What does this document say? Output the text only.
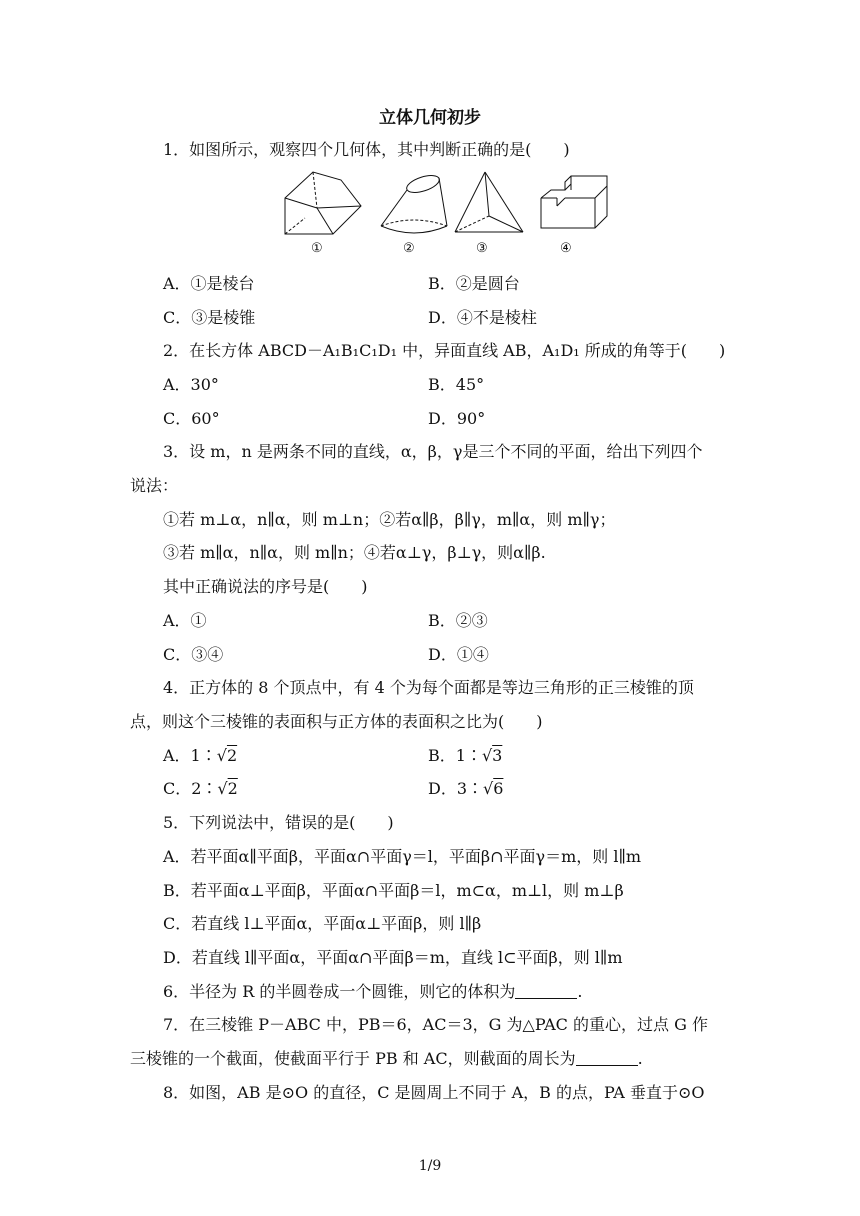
立体几何初步
1．如图所示，观察四个几何体，其中判断正确的是(　　)
①	②	③	④
A．①是棱台	B．②是圆台
C．③是棱锥	D．④不是棱柱
2．在长方体 ABCD－A₁B₁C₁D₁ 中，异面直线 AB，A₁D₁ 所成的角等于(　　)
A．30°	B．45°
C．60°	D．90°
3．设 m，n 是两条不同的直线，α，β，γ是三个不同的平面，给出下列四个
说法：
①若 m⊥α，n∥α，则 m⊥n；②若α∥β，β∥γ，m∥α，则 m∥γ；
③若 m∥α，n∥α，则 m∥n；④若α⊥γ，β⊥γ，则α∥β.
其中正确说法的序号是(　　)
A．①	B．②③
C．③④	D．①④
4．正方体的 8 个顶点中，有 4 个为每个面都是等边三角形的正三棱锥的顶
点，则这个三棱锥的表面积与正方体的表面积之比为(　　)
A．1∶√2	B．1∶√3
C．2∶√2	D．3∶√6
5．下列说法中，错误的是(　　)
A．若平面α∥平面β，平面α∩平面γ＝l，平面β∩平面γ＝m，则 l∥m
B．若平面α⊥平面β，平面α∩平面β＝l，m⊂α，m⊥l，则 m⊥β
C．若直线 l⊥平面α，平面α⊥平面β，则 l∥β
D．若直线 l∥平面α，平面α∩平面β＝m，直线 l⊂平面β，则 l∥m
6．半径为 R 的半圆卷成一个圆锥，则它的体积为	.
7．在三棱锥 P－ABC 中，PB＝6，AC＝3，G 为△PAC 的重心，过点 G 作
三棱锥的一个截面，使截面平行于 PB 和 AC，则截面的周长为	.
8．如图，AB 是⊙O 的直径，C 是圆周上不同于 A，B 的点，PA 垂直于⊙O
1/9
